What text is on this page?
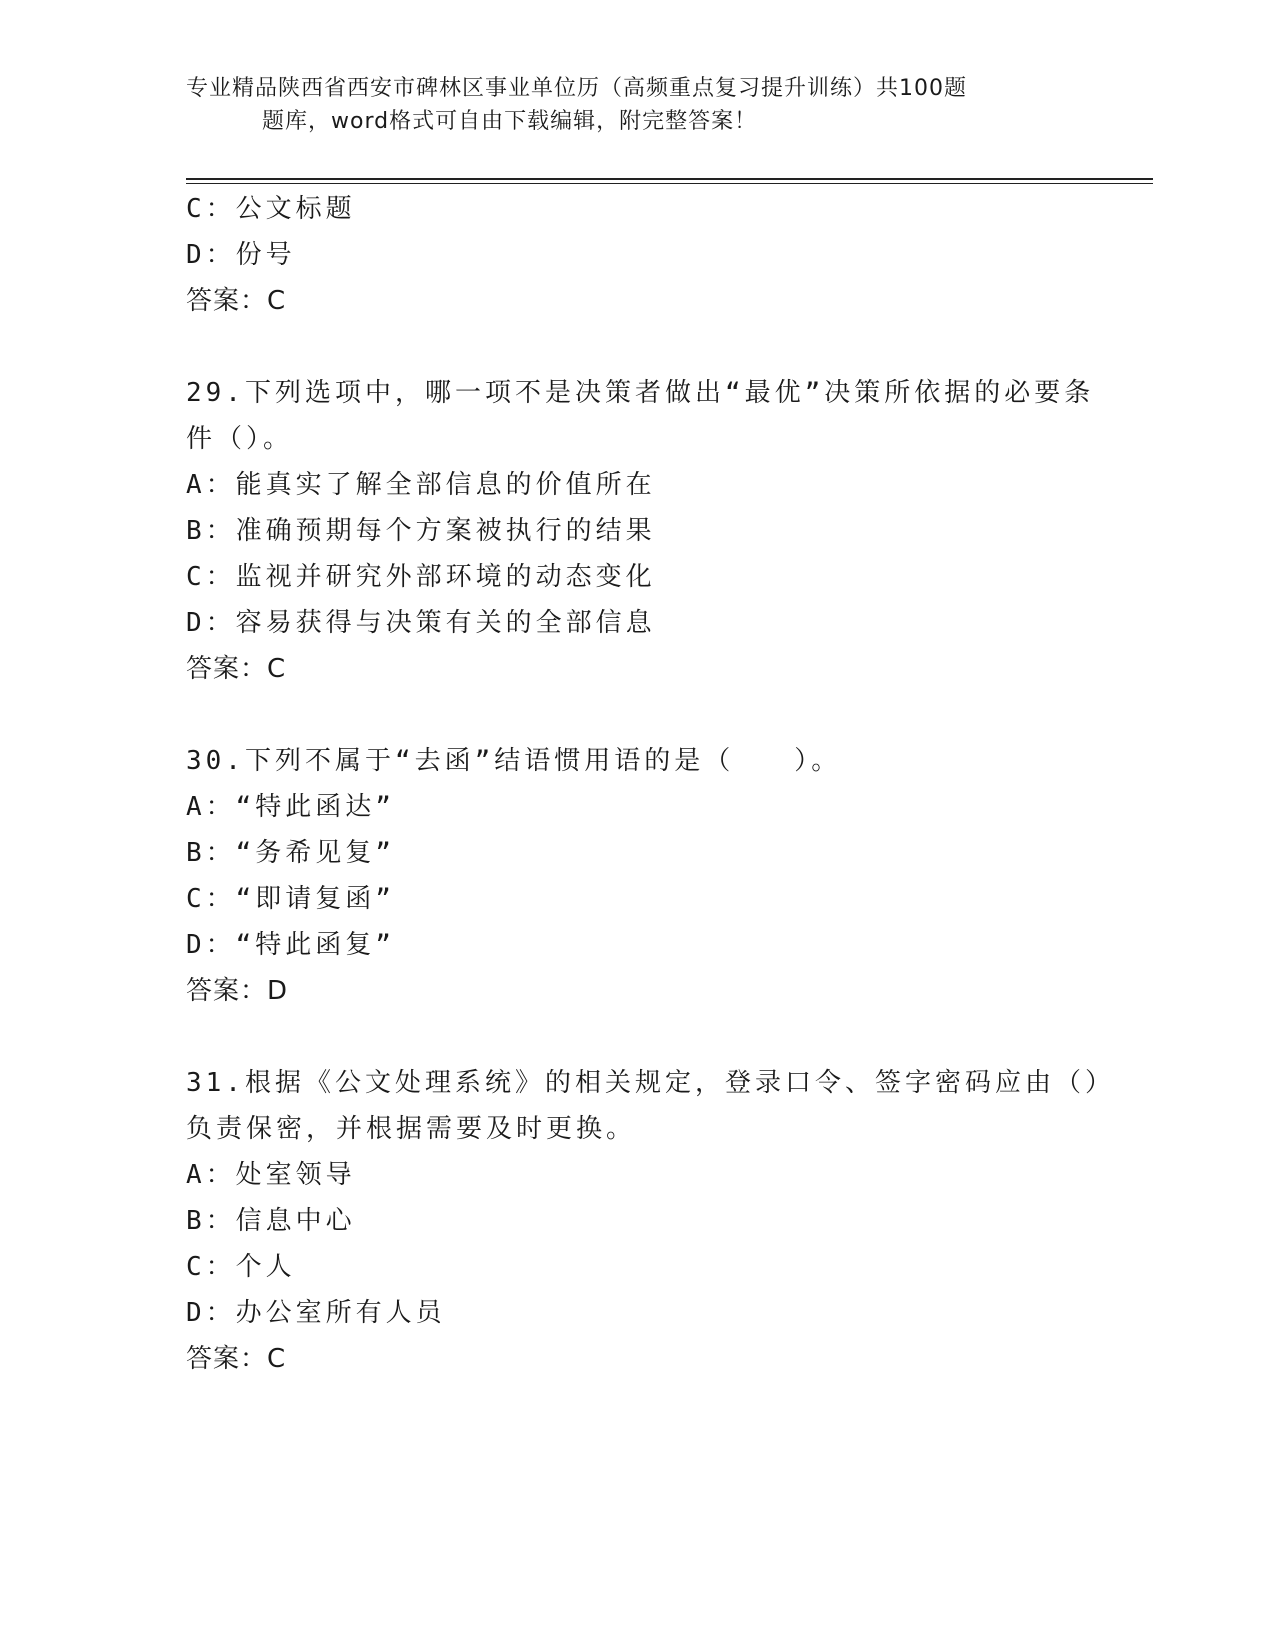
专业精品陕西省西安市碑林区事业单位历（高频重点复习提升训练）共100题
题库，word格式可自由下载编辑，附完整答案！
C：公文标题
D：份号
答案：C
29.下列选项中，哪一项不是决策者做出“最优”决策所依据的必要条
件（）。
A：能真实了解全部信息的价值所在
B：准确预期每个方案被执行的结果
C：监视并研究外部环境的动态变化
D：容易获得与决策有关的全部信息
答案：C
30.下列不属于“去函”结语惯用语的是（　　）。
A：“特此函达”
B：“务希见复”
C：“即请复函”
D：“特此函复”
答案：D
31.根据《公文处理系统》的相关规定，登录口令、签字密码应由（）
负责保密，并根据需要及时更换。
A：处室领导
B：信息中心
C：个人
D：办公室所有人员
答案：C
